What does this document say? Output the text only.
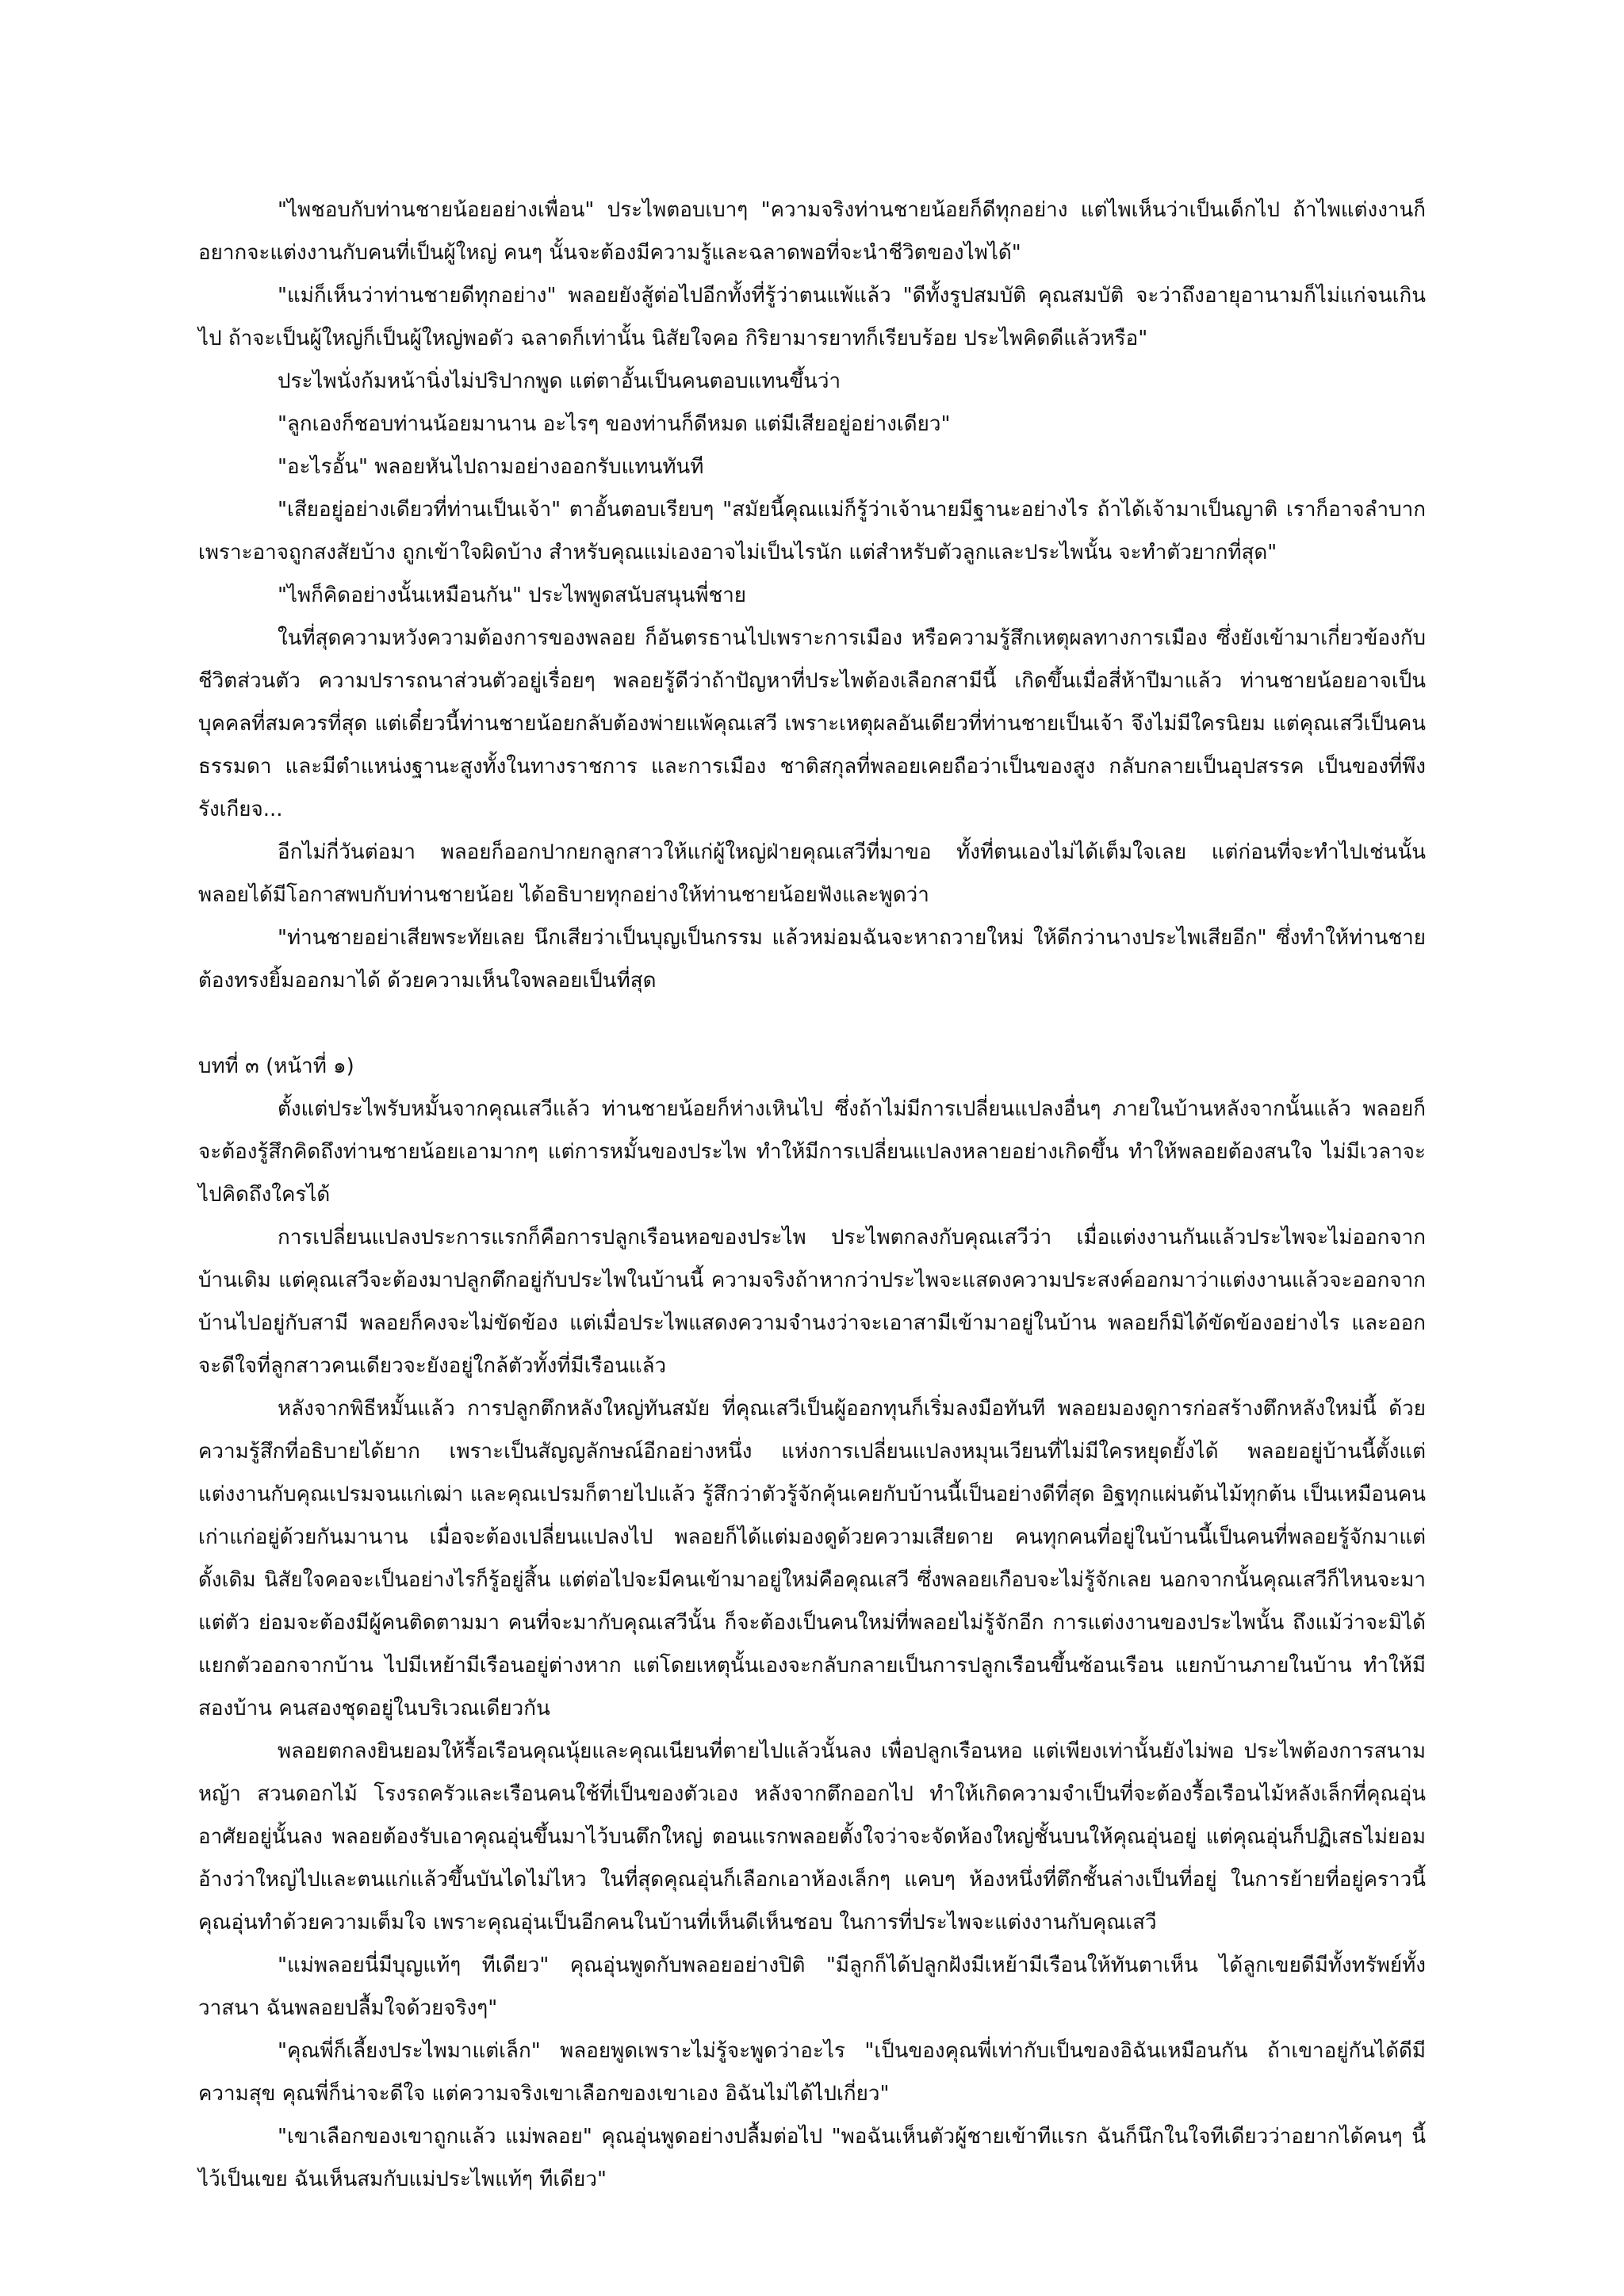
"ไพชอบกับท่านชายน้อยอย่างเพื่อน" ประไพตอบเบาๆ "ความจริงท่านชายน้อยก็ดีทุกอย่าง แต่ไพเห็นว่าเป็นเด็กไป ถ้าไพแต่งงานก็อยากจะแต่งงานกับคนที่เป็นผู้ใหญ่ คนๆ นั้นจะต้องมีความรู้และฉลาดพอที่จะนำชีวิตของไพได้"

"แม่ก็เห็นว่าท่านชายดีทุกอย่าง" พลอยยังสู้ต่อไปอีกทั้งที่รู้ว่าตนแพ้แล้ว "ดีทั้งรูปสมบัติ คุณสมบัติ จะว่าถึงอายุอานามก็ไม่แก่จนเกินไป ถ้าจะเป็นผู้ใหญ่ก็เป็นผู้ใหญ่พอดัว ฉลาดก็เท่านั้น นิสัยใจคอ กิริยามารยาทก็เรียบร้อย ประไพคิดดีแล้วหรือ"

ประไพนั่งก้มหน้านิ่งไม่ปริปากพูด แต่ตาอั้นเป็นคนตอบแทนขึ้นว่า

"ลูกเองก็ชอบท่านน้อยมานาน อะไรๆ ของท่านก็ดีหมด แต่มีเสียอยู่อย่างเดียว"

"อะไรอั้น" พลอยหันไปถามอย่างออกรับแทนทันที

"เสียอยู่อย่างเดียวที่ท่านเป็นเจ้า" ตาอั้นตอบเรียบๆ "สมัยนี้คุณแม่ก็รู้ว่าเจ้านายมีฐานะอย่างไร ถ้าได้เจ้ามาเป็นญาติ เราก็อาจลำบาก เพราะอาจถูกสงสัยบ้าง ถูกเข้าใจผิดบ้าง สำหรับคุณแม่เองอาจไม่เป็นไรนัก แต่สำหรับตัวลูกและประไพนั้น จะทำตัวยากที่สุด"

"ไพก็คิดอย่างนั้นเหมือนกัน" ประไพพูดสนับสนุนพี่ชาย

ในที่สุดความหวังความต้องการของพลอย ก็อันตรธานไปเพราะการเมือง หรือความรู้สึกเหตุผลทางการเมือง ซึ่งยังเข้ามาเกี่ยวข้องกับชีวิตส่วนตัว ความปรารถนาส่วนตัวอยู่เรื่อยๆ พลอยรู้ดีว่าถ้าปัญหาที่ประไพต้องเลือกสามีนี้ เกิดขึ้นเมื่อสี่ห้าปีมาแล้ว ท่านชายน้อยอาจเป็นบุคคลที่สมควรที่สุด แต่เดี๋ยวนี้ท่านชายน้อยกลับต้องพ่ายแพ้คุณเสวี เพราะเหตุผลอันเดียวที่ท่านชายเป็นเจ้า จึงไม่มีใครนิยม แต่คุณเสวีเป็นคนธรรมดา และมีตำแหน่งฐานะสูงทั้งในทางราชการ และการเมือง ชาติสกุลที่พลอยเคยถือว่าเป็นของสูง กลับกลายเป็นอุปสรรค เป็นของที่พึงรังเกียจ...

อีกไม่กี่วันต่อมา พลอยก็ออกปากยกลูกสาวให้แก่ผู้ใหญ่ฝ่ายคุณเสวีที่มาขอ ทั้งที่ตนเองไม่ได้เต็มใจเลย แต่ก่อนที่จะทำไปเช่นนั้น พลอยได้มีโอกาสพบกับท่านชายน้อย ได้อธิบายทุกอย่างให้ท่านชายน้อยฟังและพูดว่า

"ท่านชายอย่าเสียพระทัยเลย นึกเสียว่าเป็นบุญเป็นกรรม แล้วหม่อมฉันจะหาถวายใหม่ ให้ดีกว่านางประไพเสียอีก" ซึ่งทำให้ท่านชายต้องทรงยิ้มออกมาได้ ด้วยความเห็นใจพลอยเป็นที่สุด

บทที่ ๓ (หน้าที่ ๑)

ตั้งแต่ประไพรับหมั้นจากคุณเสวีแล้ว ท่านชายน้อยก็ห่างเหินไป ซึ่งถ้าไม่มีการเปลี่ยนแปลงอื่นๆ ภายในบ้านหลังจากนั้นแล้ว พลอยก็จะต้องรู้สึกคิดถึงท่านชายน้อยเอามากๆ แต่การหมั้นของประไพ ทำให้มีการเปลี่ยนแปลงหลายอย่างเกิดขึ้น ทำให้พลอยต้องสนใจ ไม่มีเวลาจะไปคิดถึงใครได้

การเปลี่ยนแปลงประการแรกก็คือการปลูกเรือนหอของประไพ ประไพตกลงกับคุณเสวีว่า เมื่อแต่งงานกันแล้วประไพจะไม่ออกจากบ้านเดิม แต่คุณเสวีจะต้องมาปลูกตึกอยู่กับประไพในบ้านนี้ ความจริงถ้าหากว่าประไพจะแสดงความประสงค์ออกมาว่าแต่งงานแล้วจะออกจากบ้านไปอยู่กับสามี พลอยก็คงจะไม่ขัดข้อง แต่เมื่อประไพแสดงความจำนงว่าจะเอาสามีเข้ามาอยู่ในบ้าน พลอยก็มิได้ขัดข้องอย่างไร และออกจะดีใจที่ลูกสาวคนเดียวจะยังอยู่ใกล้ตัวทั้งที่มีเรือนแล้ว

หลังจากพิธีหมั้นแล้ว การปลูกตึกหลังใหญ่ทันสมัย ที่คุณเสวีเป็นผู้ออกทุนก็เริ่มลงมือทันที พลอยมองดูการก่อสร้างตึกหลังใหม่นี้ ด้วยความรู้สึกที่อธิบายได้ยาก เพราะเป็นสัญญลักษณ์อีกอย่างหนึ่ง แห่งการเปลี่ยนแปลงหมุนเวียนที่ไม่มีใครหยุดยั้งได้ พลอยอยู่บ้านนี้ตั้งแต่แต่งงานกับคุณเปรมจนแก่เฒ่า และคุณเปรมก็ตายไปแล้ว รู้สึกว่าตัวรู้จักคุ้นเคยกับบ้านนี้เป็นอย่างดีที่สุด อิฐทุกแผ่นต้นไม้ทุกต้น เป็นเหมือนคนเก่าแก่อยู่ด้วยกันมานาน เมื่อจะต้องเปลี่ยนแปลงไป พลอยก็ได้แต่มองดูด้วยความเสียดาย คนทุกคนที่อยู่ในบ้านนี้เป็นคนที่พลอยรู้จักมาแต่ดั้งเดิม นิสัยใจคอจะเป็นอย่างไรก็รู้อยู่สิ้น แต่ต่อไปจะมีคนเข้ามาอยู่ใหม่คือคุณเสวี ซึ่งพลอยเกือบจะไม่รู้จักเลย นอกจากนั้นคุณเสวีก็ไหนจะมาแต่ตัว ย่อมจะต้องมีผู้คนติดตามมา คนที่จะมากับคุณเสวีนั้น ก็จะต้องเป็นคนใหม่ที่พลอยไม่รู้จักอีก การแต่งงานของประไพนั้น ถึงแม้ว่าจะมิได้แยกตัวออกจากบ้าน ไปมีเหย้ามีเรือนอยู่ต่างหาก แต่โดยเหตุนั้นเองจะกลับกลายเป็นการปลูกเรือนขึ้นซ้อนเรือน แยกบ้านภายในบ้าน ทำให้มีสองบ้าน คนสองชุดอยู่ในบริเวณเดียวกัน

พลอยตกลงยินยอมให้รื้อเรือนคุณนุ้ยและคุณเนียนที่ตายไปแล้วนั้นลง เพื่อปลูกเรือนหอ แต่เพียงเท่านั้นยังไม่พอ ประไพต้องการสนามหญ้า สวนดอกไม้ โรงรถครัวและเรือนคนใช้ที่เป็นของตัวเอง หลังจากตึกออกไป ทำให้เกิดความจำเป็นที่จะต้องรื้อเรือนไม้หลังเล็กที่คุณอุ่นอาศัยอยู่นั้นลง พลอยต้องรับเอาคุณอุ่นขึ้นมาไว้บนตึกใหญ่ ตอนแรกพลอยตั้งใจว่าจะจัดห้องใหญ่ชั้นบนให้คุณอุ่นอยู่ แต่คุณอุ่นก็ปฏิเสธไม่ยอม อ้างว่าใหญ่ไปและตนแก่แล้วขึ้นบันไดไม่ไหว ในที่สุดคุณอุ่นก็เลือกเอาห้องเล็กๆ แคบๆ ห้องหนึ่งที่ตึกชั้นล่างเป็นที่อยู่ ในการย้ายที่อยู่คราวนี้คุณอุ่นทำด้วยความเต็มใจ เพราะคุณอุ่นเป็นอีกคนในบ้านที่เห็นดีเห็นชอบ ในการที่ประไพจะแต่งงานกับคุณเสวี

"แม่พลอยนี่มีบุญแท้ๆ ทีเดียว" คุณอุ่นพูดกับพลอยอย่างปิติ "มีลูกก็ได้ปลูกฝังมีเหย้ามีเรือนให้ทันตาเห็น ได้ลูกเขยดีมีทั้งทรัพย์ทั้งวาสนา ฉันพลอยปลื้มใจด้วยจริงๆ"

"คุณพี่ก็เลี้ยงประไพมาแต่เล็ก" พลอยพูดเพราะไม่รู้จะพูดว่าอะไร "เป็นของคุณพี่เท่ากับเป็นของอิฉันเหมือนกัน ถ้าเขาอยู่กันได้ดีมีความสุข คุณพี่ก็น่าจะดีใจ แต่ความจริงเขาเลือกของเขาเอง อิฉันไม่ได้ไปเกี่ยว"

"เขาเลือกของเขาถูกแล้ว แม่พลอย" คุณอุ่นพูดอย่างปลื้มต่อไป "พอฉันเห็นตัวผู้ชายเข้าทีแรก ฉันก็นึกในใจทีเดียวว่าอยากได้คนๆ นี้ไว้เป็นเขย ฉันเห็นสมกับแม่ประไพแท้ๆ ทีเดียว"
